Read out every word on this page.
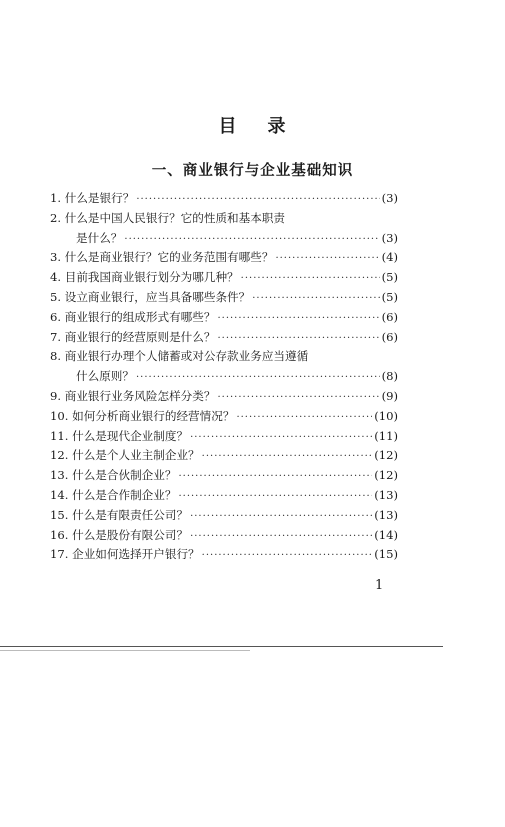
目 录
一、商业银行与企业基础知识
1. 什么是银行？ ·····	(3)
2. 什么是中国人民银行？它的性质和基本职责
是什么？ ·····	(3)
3. 什么是商业银行？它的业务范围有哪些？ ·····	(4)
4. 目前我国商业银行划分为哪几种？ ·····	(5)
5. 设立商业银行，应当具备哪些条件？ ·····	(5)
6. 商业银行的组成形式有哪些？ ·····	(6)
7. 商业银行的经营原则是什么？ ·····	(6)
8. 商业银行办理个人储蓄或对公存款业务应当遵循
什么原则？ ·····	(8)
9. 商业银行业务风险怎样分类？ ·····	(9)
10. 如何分析商业银行的经营情况？ ·····	(10)
11. 什么是现代企业制度？ ·····	(11)
12. 什么是个人业主制企业？ ·····	(12)
13. 什么是合伙制企业？ ·····	(12)
14. 什么是合作制企业？ ·····	(13)
15. 什么是有限责任公司？ ·····	(13)
16. 什么是股份有限公司？ ·····	(14)
17. 企业如何选择开户银行？ ·····	(15)
1
